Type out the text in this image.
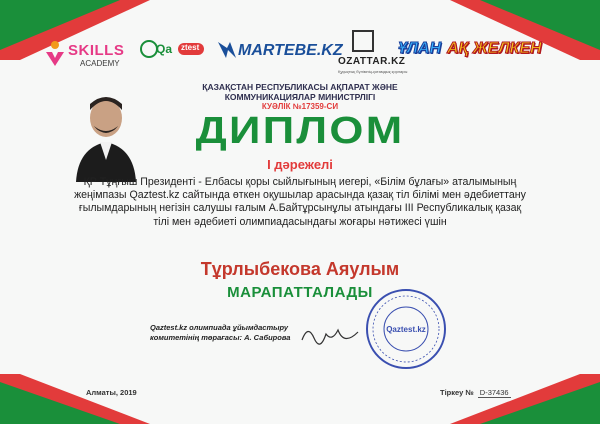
SKILLS
ACADEMY
Qa ztest MARTEBE.KZ
OZATTAR.KZ
Құқықтық бүлімнің-қоғамдық қорлары
ҰЛАН АҚ ЖЕЛКЕН
ҚАЗАҚСТАН РЕСПУБЛИКАСЫ АҚПАРАТ ЖӘНЕ
КОММУНИКАЦИЯЛАР МИНИСТРЛІГІ
КУӘЛІК №17359-СИ
ДИПЛОМ
І дәрежелі
ҚР Тұңғыш Президенті - Елбасы қоры сыйлығының иегері, «Білім бұлағы» аталымының жеңімпазы Qaztest.kz сайтында өткен оқушылар арасында қазақ тіл білімі мен әдебиеттану ғылымдарының негізін салушы ғалым А.Байтұрсынұлы атындағы ІІІ Республикалық қазақ тілі мен әдебиеті олимпиадасындағы жоғары нәтижесі үшін
Тұрлыбекова Аяулым
МАРАПАТТАЛАДЫ
Qaztest.kz олимпиада ұйымдастыру
комитетінің төрағасы: А. Сабирова
Qaztest.kz
Алматы, 2019	Тіркеу № D-37436
